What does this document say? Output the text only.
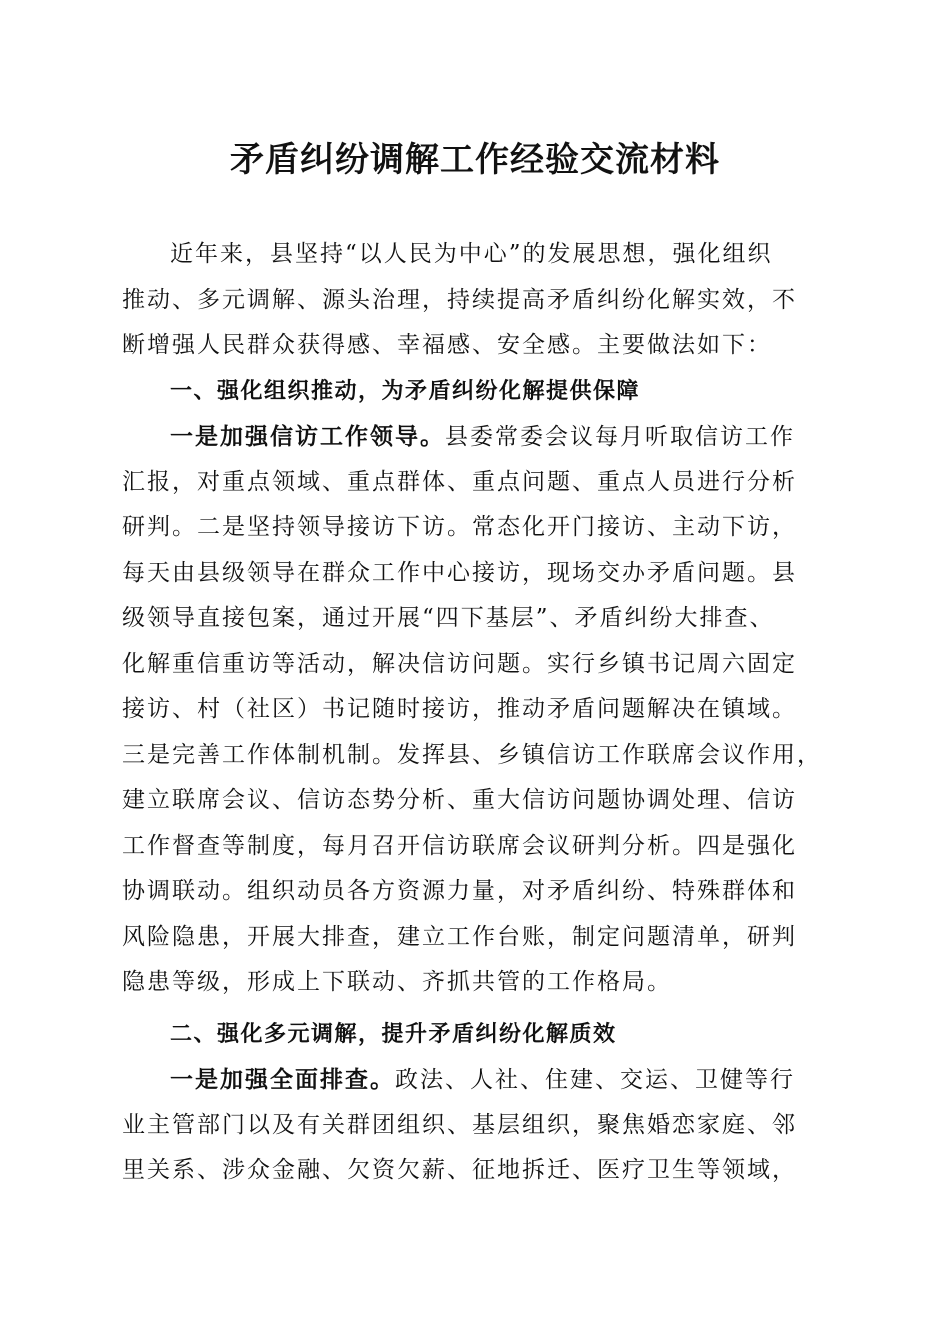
矛盾纠纷调解工作经验交流材料
近年来，县坚持“以人民为中心”的发展思想，强化组织
推动、多元调解、源头治理，持续提高矛盾纠纷化解实效，不
断增强人民群众获得感、幸福感、安全感。主要做法如下：
一、强化组织推动，为矛盾纠纷化解提供保障
一是加强信访工作领导。县委常委会议每月听取信访工作
汇报，对重点领域、重点群体、重点问题、重点人员进行分析
研判。二是坚持领导接访下访。常态化开门接访、主动下访，
每天由县级领导在群众工作中心接访，现场交办矛盾问题。县
级领导直接包案，通过开展“四下基层”、矛盾纠纷大排查、
化解重信重访等活动，解决信访问题。实行乡镇书记周六固定
接访、村（社区）书记随时接访，推动矛盾问题解决在镇域。
三是完善工作体制机制。发挥县、乡镇信访工作联席会议作用，
建立联席会议、信访态势分析、重大信访问题协调处理、信访
工作督查等制度，每月召开信访联席会议研判分析。四是强化
协调联动。组织动员各方资源力量，对矛盾纠纷、特殊群体和
风险隐患，开展大排查，建立工作台账，制定问题清单，研判
隐患等级，形成上下联动、齐抓共管的工作格局。
二、强化多元调解，提升矛盾纠纷化解质效
一是加强全面排查。政法、人社、住建、交运、卫健等行
业主管部门以及有关群团组织、基层组织，聚焦婚恋家庭、邻
里关系、涉众金融、欠资欠薪、征地拆迁、医疗卫生等领域，
